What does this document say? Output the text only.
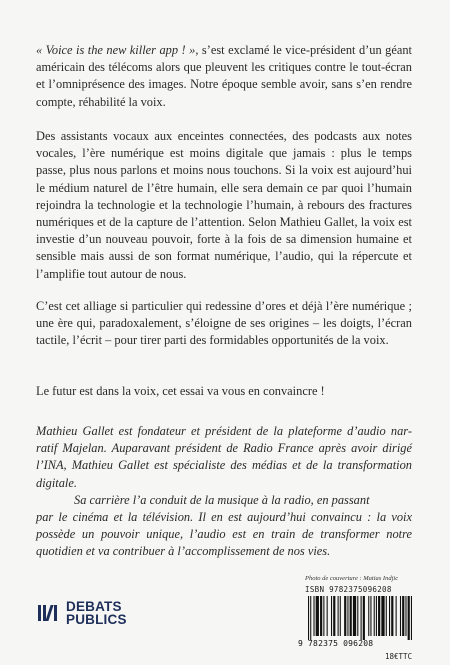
« Voice is the new killer app ! », s’est exclamé le vice-président d’un géant américain des télécoms alors que pleuvent les critiques contre le tout-écran et l’omniprésence des images. Notre époque semble avoir, sans s’en rendre compte, réhabilité la voix.

Des assistants vocaux aux enceintes connectées, des podcasts aux notes vocales, l’ère numérique est moins digitale que jamais : plus le temps passe, plus nous parlons et moins nous touchons. Si la voix est aujourd’hui le médium naturel de l’être humain, elle sera demain ce par quoi l’humain rejoindra la technologie et la technologie l’humain, à rebours des fractures numériques et de la capture de l’attention. Selon Mathieu Gallet, la voix est investie d’un nouveau pouvoir, forte à la fois de sa dimension humaine et sensible mais aussi de son format numérique, l’audio, qui la répercute et l’amplifie tout autour de nous.

C’est cet alliage si particulier qui redessine d’ores et déjà l’ère numérique ; une ère qui, paradoxalement, s’éloigne de ses origines – les doigts, l’écran tactile, l’écrit – pour tirer parti des formidables opportunités de la voix.

Le futur est dans la voix, cet essai va vous en convaincre !

Mathieu Gallet est fondateur et président de la plateforme d’audio nar-
ratif Majelan. Auparavant président de Radio France après avoir dirigé
l’INA, Mathieu Gallet est spécialiste des médias et de la transformation
digitale.
Sa carrière l’a conduit de la musique à la radio, en passant
par le cinéma et la télévision. Il en est aujourd’hui convaincu : la voix
possède un pouvoir unique, l’audio est en train de transformer notre
quotidien et va contribuer à l’accomplissement de nos vies.
DEBATS
PUBLICS
Photo de couverture : Matias Indjic
ISBN 9782375096208
9 782375 096208
18€TTC
